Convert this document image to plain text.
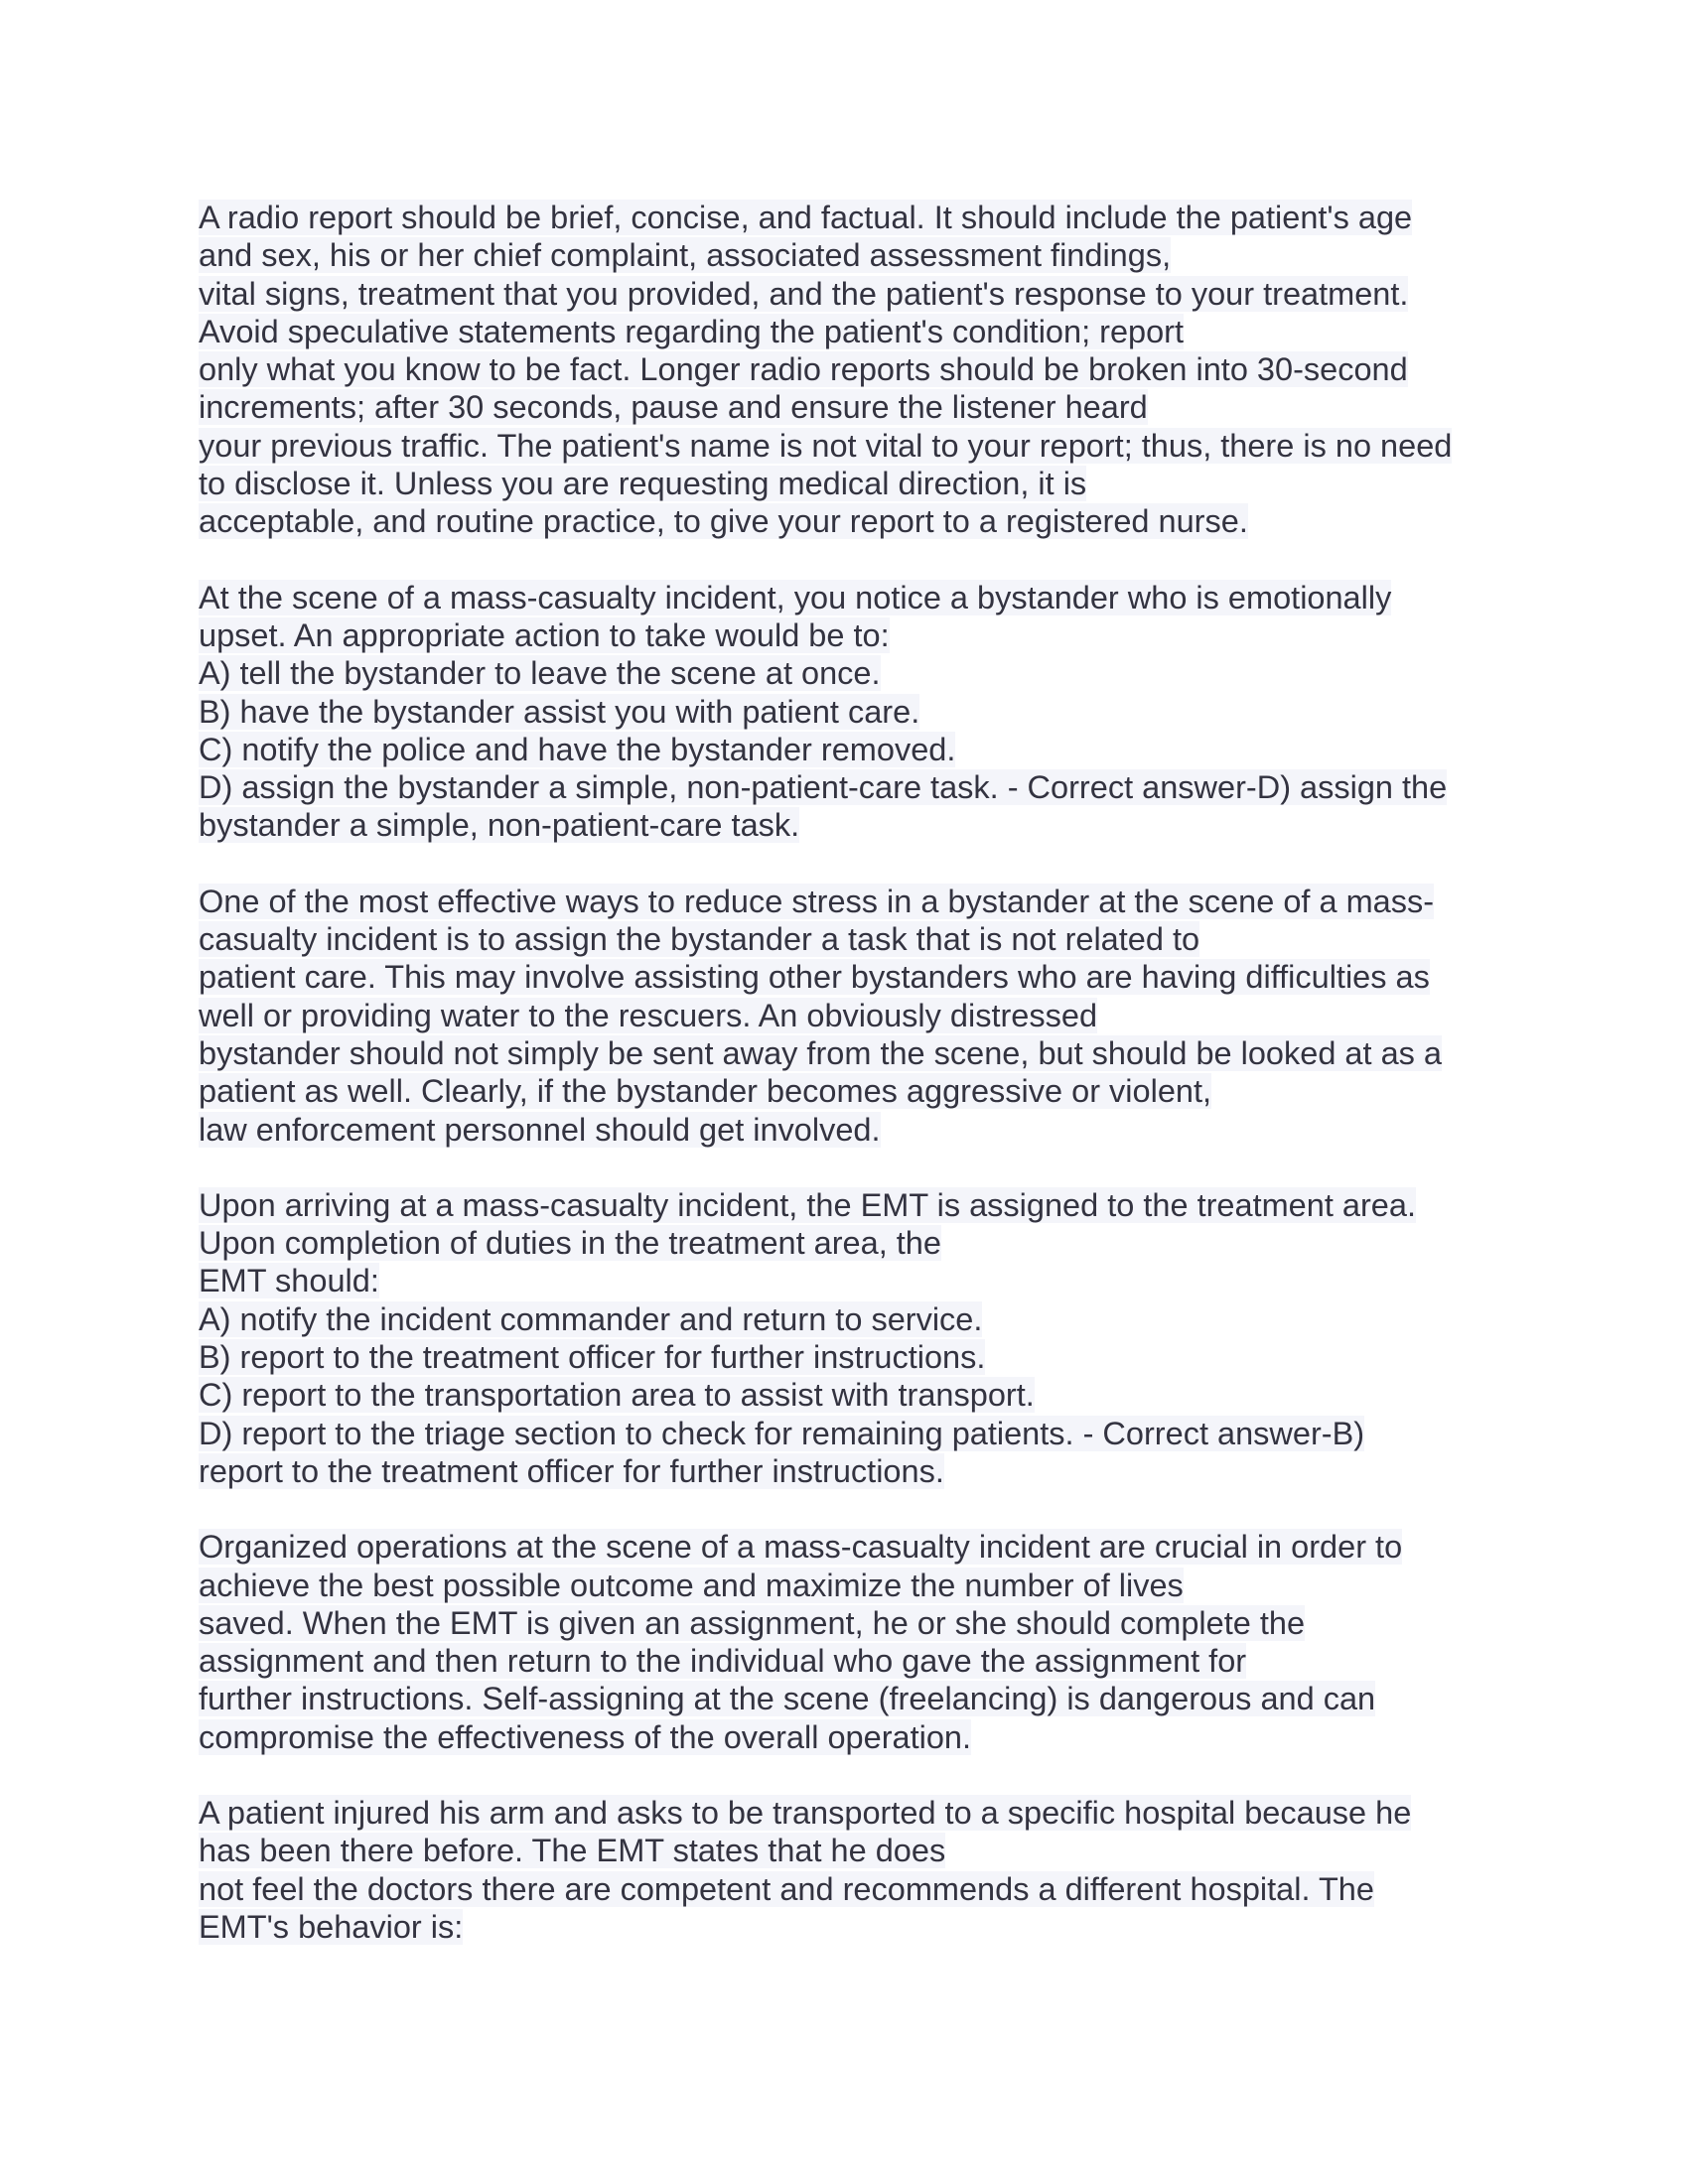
A radio report should be brief, concise, and factual. It should include the patient's age
and sex, his or her chief complaint, associated assessment findings,
vital signs, treatment that you provided, and the patient's response to your treatment.
Avoid speculative statements regarding the patient's condition; report
only what you know to be fact. Longer radio reports should be broken into 30-second
increments; after 30 seconds, pause and ensure the listener heard
your previous traffic. The patient's name is not vital to your report; thus, there is no need
to disclose it. Unless you are requesting medical direction, it is
acceptable, and routine practice, to give your report to a registered nurse.
At the scene of a mass-casualty incident, you notice a bystander who is emotionally
upset. An appropriate action to take would be to:
A) tell the bystander to leave the scene at once.
B) have the bystander assist you with patient care.
C) notify the police and have the bystander removed.
D) assign the bystander a simple, non-patient-care task. - Correct answer-D) assign the
bystander a simple, non-patient-care task.
One of the most effective ways to reduce stress in a bystander at the scene of a mass-
casualty incident is to assign the bystander a task that is not related to
patient care. This may involve assisting other bystanders who are having difficulties as
well or providing water to the rescuers. An obviously distressed
bystander should not simply be sent away from the scene, but should be looked at as a
patient as well. Clearly, if the bystander becomes aggressive or violent,
law enforcement personnel should get involved.
Upon arriving at a mass-casualty incident, the EMT is assigned to the treatment area.
Upon completion of duties in the treatment area, the
EMT should:
A) notify the incident commander and return to service.
B) report to the treatment officer for further instructions.
C) report to the transportation area to assist with transport.
D) report to the triage section to check for remaining patients. - Correct answer-B)
report to the treatment officer for further instructions.
Organized operations at the scene of a mass-casualty incident are crucial in order to
achieve the best possible outcome and maximize the number of lives
saved. When the EMT is given an assignment, he or she should complete the
assignment and then return to the individual who gave the assignment for
further instructions. Self-assigning at the scene (freelancing) is dangerous and can
compromise the effectiveness of the overall operation.
A patient injured his arm and asks to be transported to a specific hospital because he
has been there before. The EMT states that he does
not feel the doctors there are competent and recommends a different hospital. The
EMT's behavior is:
